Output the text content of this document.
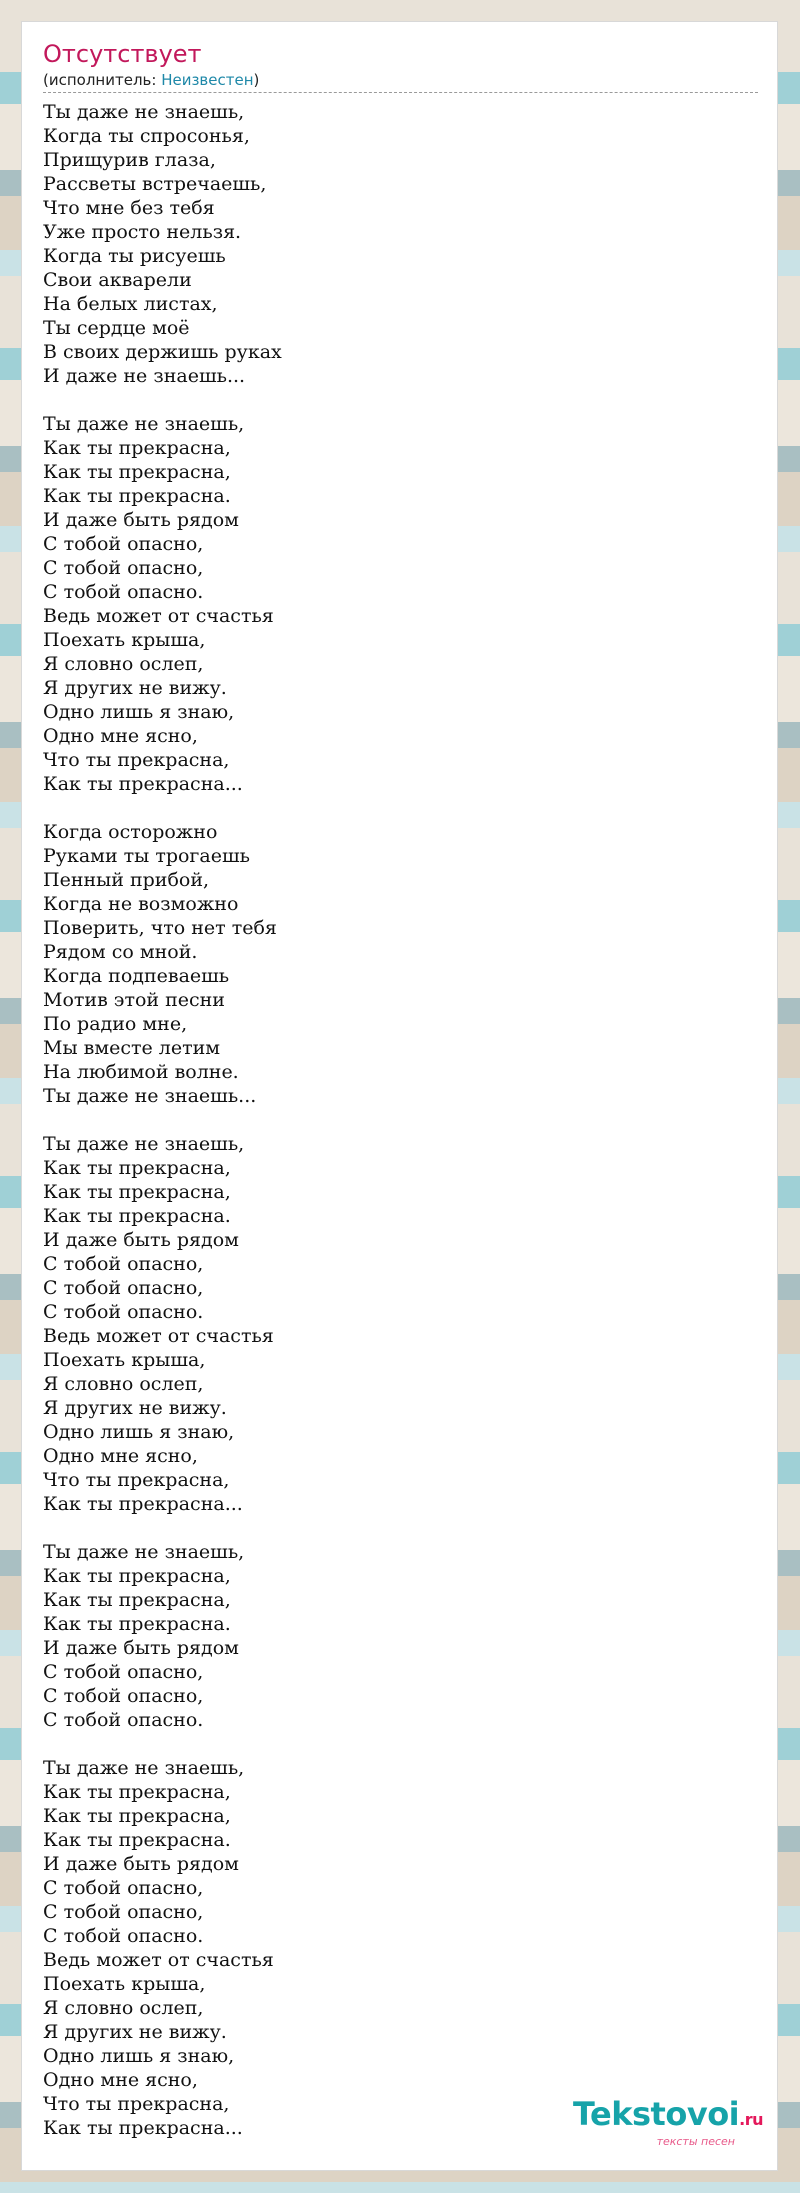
Отсутствует
(исполнитель: Неизвестен)
Ты даже не знаешь,
Когда ты спросонья,
Прищурив глаза,
Рассветы встречаешь,
Что мне без тебя
Уже просто нельзя.
Когда ты рисуешь
Свои акварели
На белых листах,
Ты сердце моё
В своих держишь руках
И даже не знаешь...
Ты даже не знаешь,
Как ты прекрасна,
Как ты прекрасна,
Как ты прекрасна.
И даже быть рядом
С тобой опасно,
С тобой опасно,
С тобой опасно.
Ведь может от счастья
Поехать крыша,
Я словно ослеп,
Я других не вижу.
Одно лишь я знаю,
Одно мне ясно,
Что ты прекрасна,
Как ты прекрасна...
Когда осторожно
Руками ты трогаешь
Пенный прибой,
Когда не возможно
Поверить, что нет тебя
Рядом со мной.
Когда подпеваешь
Мотив этой песни
По радио мне,
Мы вместе летим
На любимой волне.
Ты даже не знаешь...
Ты даже не знаешь,
Как ты прекрасна,
Как ты прекрасна,
Как ты прекрасна.
И даже быть рядом
С тобой опасно,
С тобой опасно,
С тобой опасно.
Ведь может от счастья
Поехать крыша,
Я словно ослеп,
Я других не вижу.
Одно лишь я знаю,
Одно мне ясно,
Что ты прекрасна,
Как ты прекрасна...
Ты даже не знаешь,
Как ты прекрасна,
Как ты прекрасна,
Как ты прекрасна.
И даже быть рядом
С тобой опасно,
С тобой опасно,
С тобой опасно.
Ты даже не знаешь,
Как ты прекрасна,
Как ты прекрасна,
Как ты прекрасна.
И даже быть рядом
С тобой опасно,
С тобой опасно,
С тобой опасно.
Ведь может от счастья
Поехать крыша,
Я словно ослеп,
Я других не вижу.
Одно лишь я знаю,
Одно мне ясно,
Что ты прекрасна,
Как ты прекрасна...	Tekstovoi.ru
тексты песен
